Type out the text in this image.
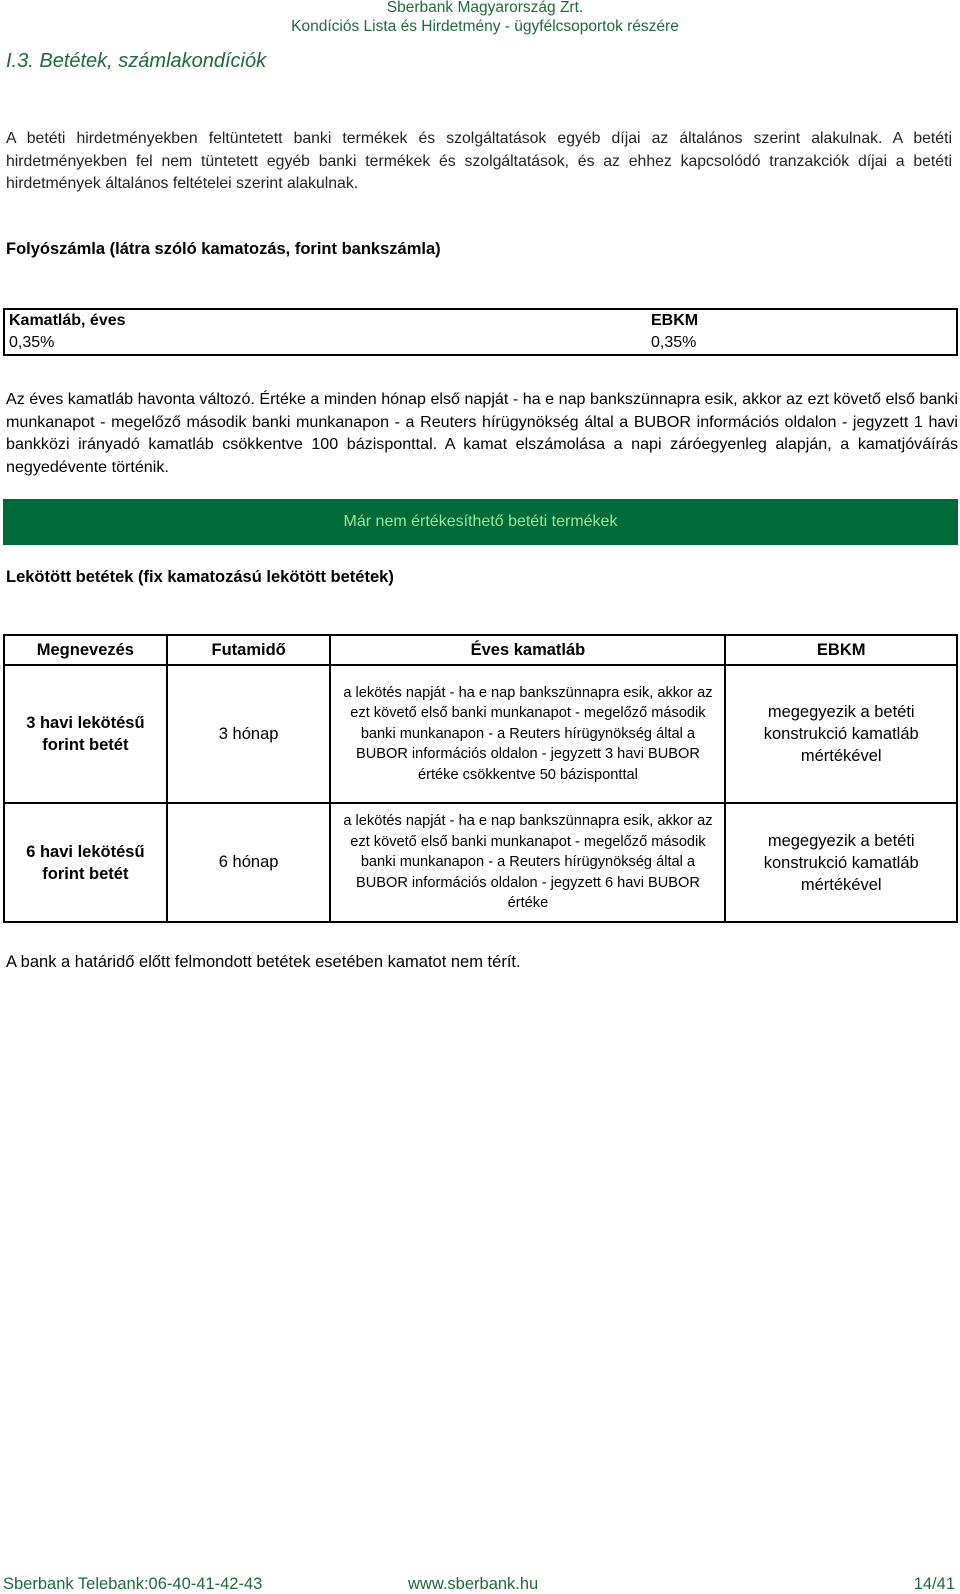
Sberbank Magyarország Zrt.
Kondíciós Lista és Hirdetmény - ügyfélcsoportok részére
I.3. Betétek, számlakondíciók
A betéti hirdetményekben feltüntetett banki termékek és szolgáltatások egyéb díjai az általános szerint alakulnak. A betéti hirdetményekben fel nem tüntetett egyéb banki termékek és szolgáltatások, és az ehhez kapcsolódó tranzakciók díjai a betéti hirdetmények általános feltételei szerint alakulnak.
Folyószámla (látra szóló kamatozás, forint bankszámla)
Kamatláb, éves	EBKM
0,35%	0,35%
Az éves kamatláb havonta változó. Értéke a minden hónap első napját - ha e nap bankszünnapra esik, akkor az ezt követő első banki munkanapot - megelőző második banki munkanapon - a Reuters hírügynökség által a BUBOR információs oldalon - jegyzett 1 havi bankközi irányadó kamatláb csökkentve 100 bázisponttal. A kamat elszámolása a napi záróegyenleg alapján, a kamatjóváírás negyedévente történik.
Már nem értékesíthető betéti termékek
Lekötött betétek (fix kamatozású lekötött betétek)
Megnevezés	Futamidő	Éves kamatláb	EBKM
3 havi lekötésű forint betét	3 hónap	a lekötés napját - ha e nap bankszünnapra esik, akkor az ezt követő első banki munkanapot - megelőző második banki munkanapon - a Reuters hírügynökség által a BUBOR információs oldalon - jegyzett 3 havi BUBOR értéke csökkentve 50 bázisponttal	megegyezik a betéti konstrukció kamatláb mértékével
6 havi lekötésű forint betét	6 hónap	a lekötés napját - ha e nap bankszünnapra esik, akkor az ezt követő első banki munkanapot - megelőző második banki munkanapon - a Reuters hírügynökség által a BUBOR információs oldalon - jegyzett 6 havi BUBOR értéke	megegyezik a betéti konstrukció kamatláb mértékével
A bank a határidő előtt felmondott betétek esetében kamatot nem térít.
Sberbank Telebank:06-40-41-42-43	www.sberbank.hu	14/41
